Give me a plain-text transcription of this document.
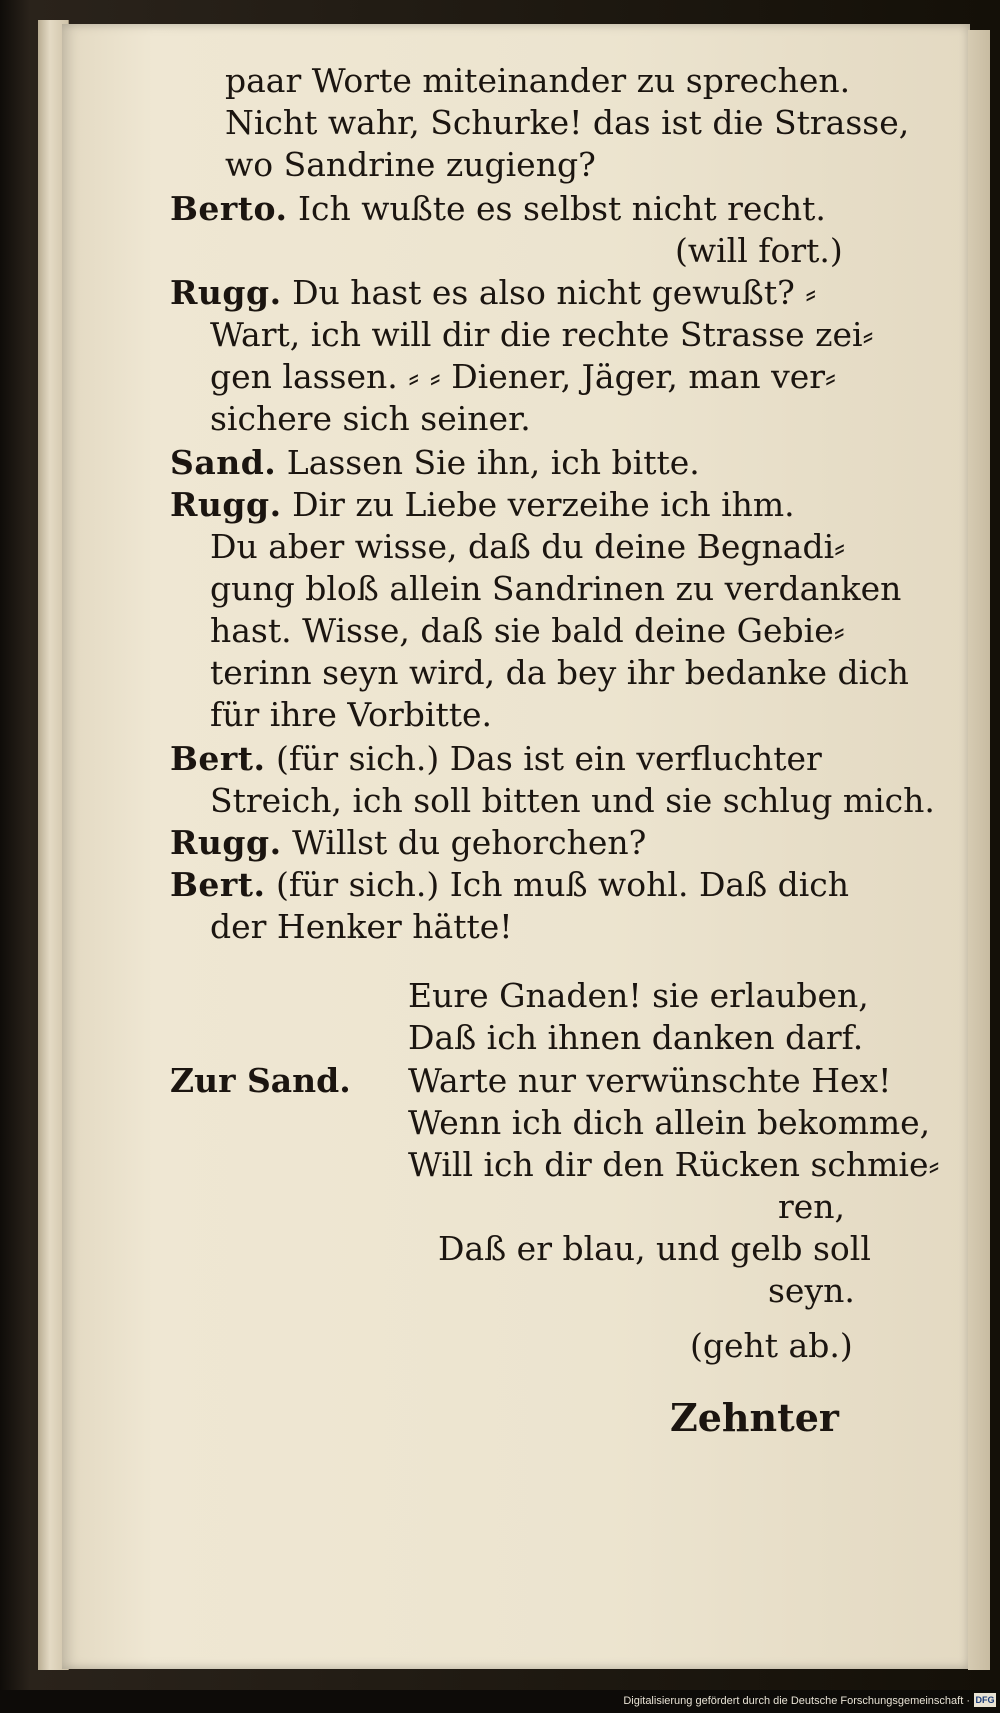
paar Worte miteinander zu sprechen.
Nicht wahr, Schurke! das ist die Strasse,
wo Sandrine zugieng?
Berto. Ich wußte es selbst nicht recht.
(will fort.)
Rugg. Du hast es also nicht gewußt? ⸗
Wart, ich will dir die rechte Strasse zei⸗
gen lassen. ⸗ ⸗ Diener, Jäger, man ver⸗
sichere sich seiner.
Sand. Lassen Sie ihn, ich bitte.
Rugg. Dir zu Liebe verzeihe ich ihm.
Du aber wisse, daß du deine Begnadi⸗
gung bloß allein Sandrinen zu verdanken
hast. Wisse, daß sie bald deine Gebie⸗
terinn seyn wird, da bey ihr bedanke dich
für ihre Vorbitte.
Bert. (für sich.) Das ist ein verfluchter
Streich, ich soll bitten und sie schlug mich.
Rugg. Willst du gehorchen?
Bert. (für sich.) Ich muß wohl. Daß dich
der Henker hätte!
Eure Gnaden! sie erlauben,
Daß ich ihnen danken darf.
Zur Sand. Warte nur verwünschte Hex!
Wenn ich dich allein bekomme,
Will ich dir den Rücken schmie⸗
ren,
Daß er blau, und gelb soll
seyn.
(geht ab.)
Zehnter
Digitalisierung gefördert durch die Deutsche Forschungsgemeinschaft · DFG
